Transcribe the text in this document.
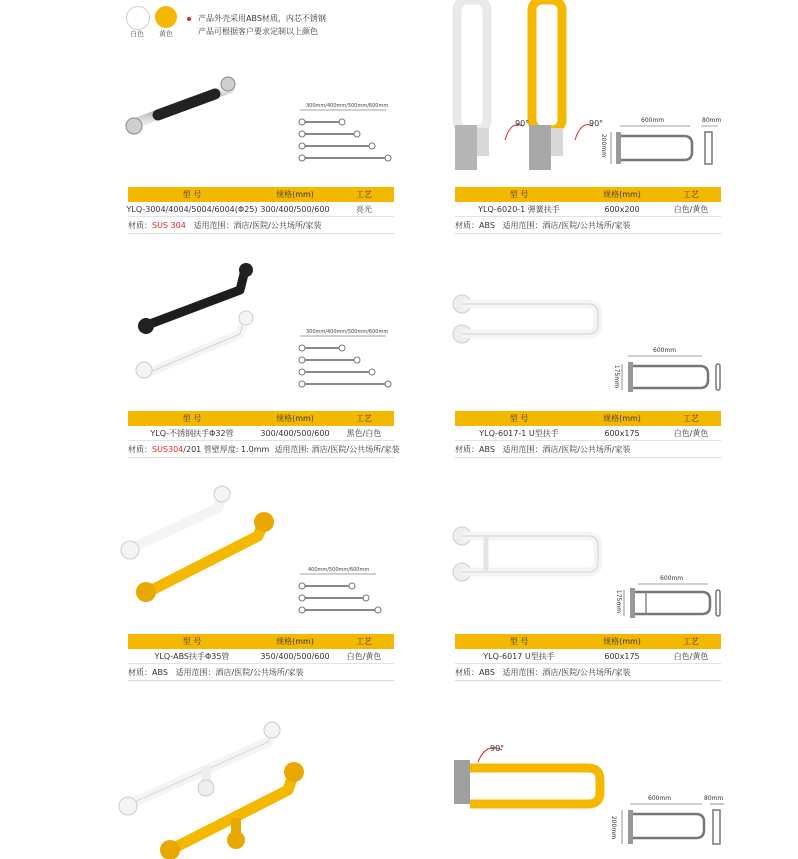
白色 黄色
产品外壳采用ABS材质，内芯不锈钢
产品可根据客户要求定制以上颜色
300mm/400mm/500mm/600mm
型 号	规格(mm)	工艺
YLQ-3004/4004/5004/6004(Φ25) 300/400/500/600	亮光
材质：SUS 304 适用范围：酒店/医院/公共场所/家装
90°	90°	600mm	80mm
200mm
型 号	规格(mm)	工艺
YLQ-6020-1 弹簧扶手	600x200	白色/黄色
材质：ABS 适用范围：酒店/医院/公共场所/家装
300mm/400mm/500mm/600mm
型 号	规格(mm)	工艺
YLQ-不锈钢扶手Φ32管	300/400/500/600	黑色/白色
材质：SUS304/201 管壁厚度: 1.0mm 适用范围: 酒店/医院/公共场所/家装
600mm
175mm
型 号	规格(mm)	工艺
YLQ-6017-1 U型扶手	600x175	白色/黄色
材质：ABS 适用范围：酒店/医院/公共场所/家装
400mm/500mm/600mm
型 号	规格(mm)	工艺
YLQ-ABS扶手Φ35管	350/400/500/600	白色/黄色
材质：ABS 适用范围：酒店/医院/公共场所/家装
600mm
175mm
型 号	规格(mm)	工艺
YLQ-6017 U型扶手	600x175	白色/黄色
材质：ABS 适用范围：酒店/医院/公共场所/家装
90°
600mm	80mm
200mm
